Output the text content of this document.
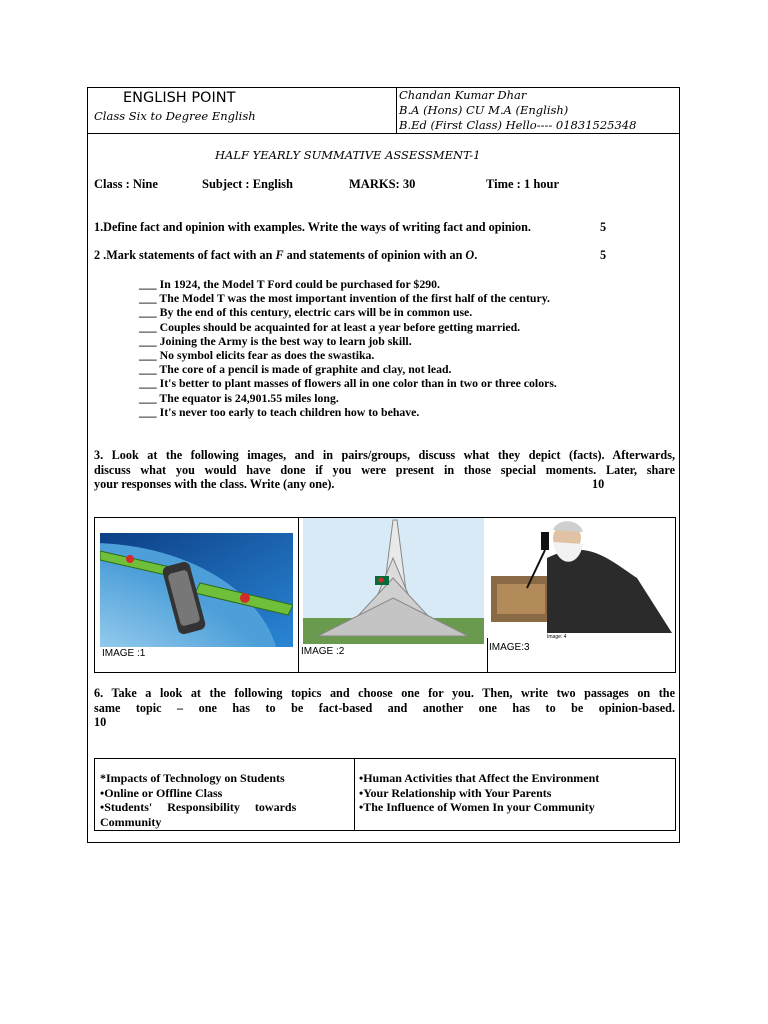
ENGLISH POINT
Class Six to Degree English
Chandan Kumar Dhar
B.A (Hons) CU M.A (English)
B.Ed (First Class) Hello---- 01831525348
HALF YEARLY SUMMATIVE ASSESSMENT-1
Class : Nine	Subject : English	MARKS: 30	Time : 1 hour
1.Define fact and opinion with examples. Write the ways of writing fact and opinion.	5
2 .Mark statements of fact with an F and statements of opinion with an O.	5
___ In 1924, the Model T Ford could be purchased for $290.
___ The Model T was the most important invention of the first half of the century.
___ By the end of this century, electric cars will be in common use.
___ Couples should be acquainted for at least a year before getting married.
___ Joining the Army is the best way to learn job skill.
___ No symbol elicits fear as does the swastika.
___ The core of a pencil is made of graphite and clay, not lead.
___ It's better to plant masses of flowers all in one color than in two or three colors.
___ The equator is 24,901.55 miles long.
___ It's never too early to teach children how to behave.
3. Look at the following images, and in pairs/groups, discuss what they depict (facts). Afterwards,
discuss what you would have done if you were present in those special moments. Later, share
your responses with the class. Write (any one).	10
IMAGE :1	IMAGE :2
Image: 4
IMAGE:3
6. Take a look at the following topics and choose one for you. Then, write two passages on the
same topic – one has to be fact-based and another one has to be opinion-based.
10
*Impacts of Technology on Students
•Online or Offline Class
•Students'     Responsibility     towards
Community
•Human Activities that Affect the Environment
•Your Relationship with Your Parents
•The Influence of Women In your Community
